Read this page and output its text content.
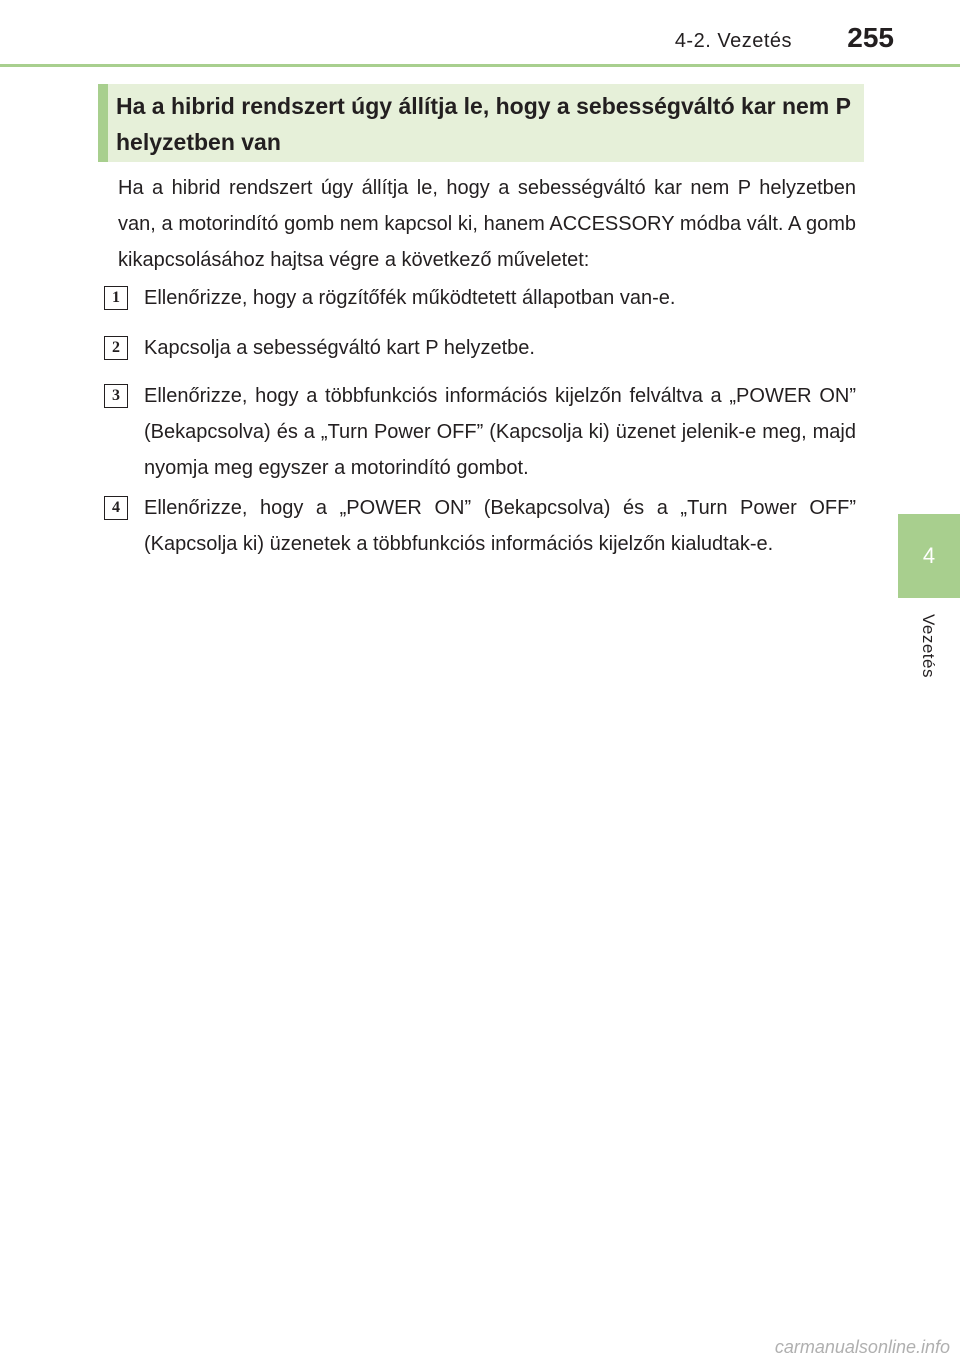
4-2. Vezetés 255
4
Vezetés
Ha a hibrid rendszert úgy állítja le, hogy a sebességváltó kar nem P helyzetben van

Ha a hibrid rendszert úgy állítja le, hogy a sebességváltó kar nem P helyzetben van, a motorindító gomb nem kapcsol ki, hanem ACCESSORY módba vált. A gomb kikapcsolásához hajtsa végre a következő műveletet:

1	Ellenőrizze, hogy a rögzítőfék működtetett állapotban van-e.

2	Kapcsolja a sebességváltó kart P helyzetbe.

3	Ellenőrizze, hogy a többfunkciós információs kijelzőn felváltva a „POWER ON” (Bekapcsolva) és a „Turn Power OFF” (Kapcsolja ki) üzenet jelenik-e meg, majd nyomja meg egyszer a motorindító gombot.

4	Ellenőrizze, hogy a „POWER ON” (Bekapcsolva) és a „Turn Power OFF” (Kapcsolja ki) üzenetek a többfunkciós információs kijelzőn kialudtak-e.

carmanualsonline.info
